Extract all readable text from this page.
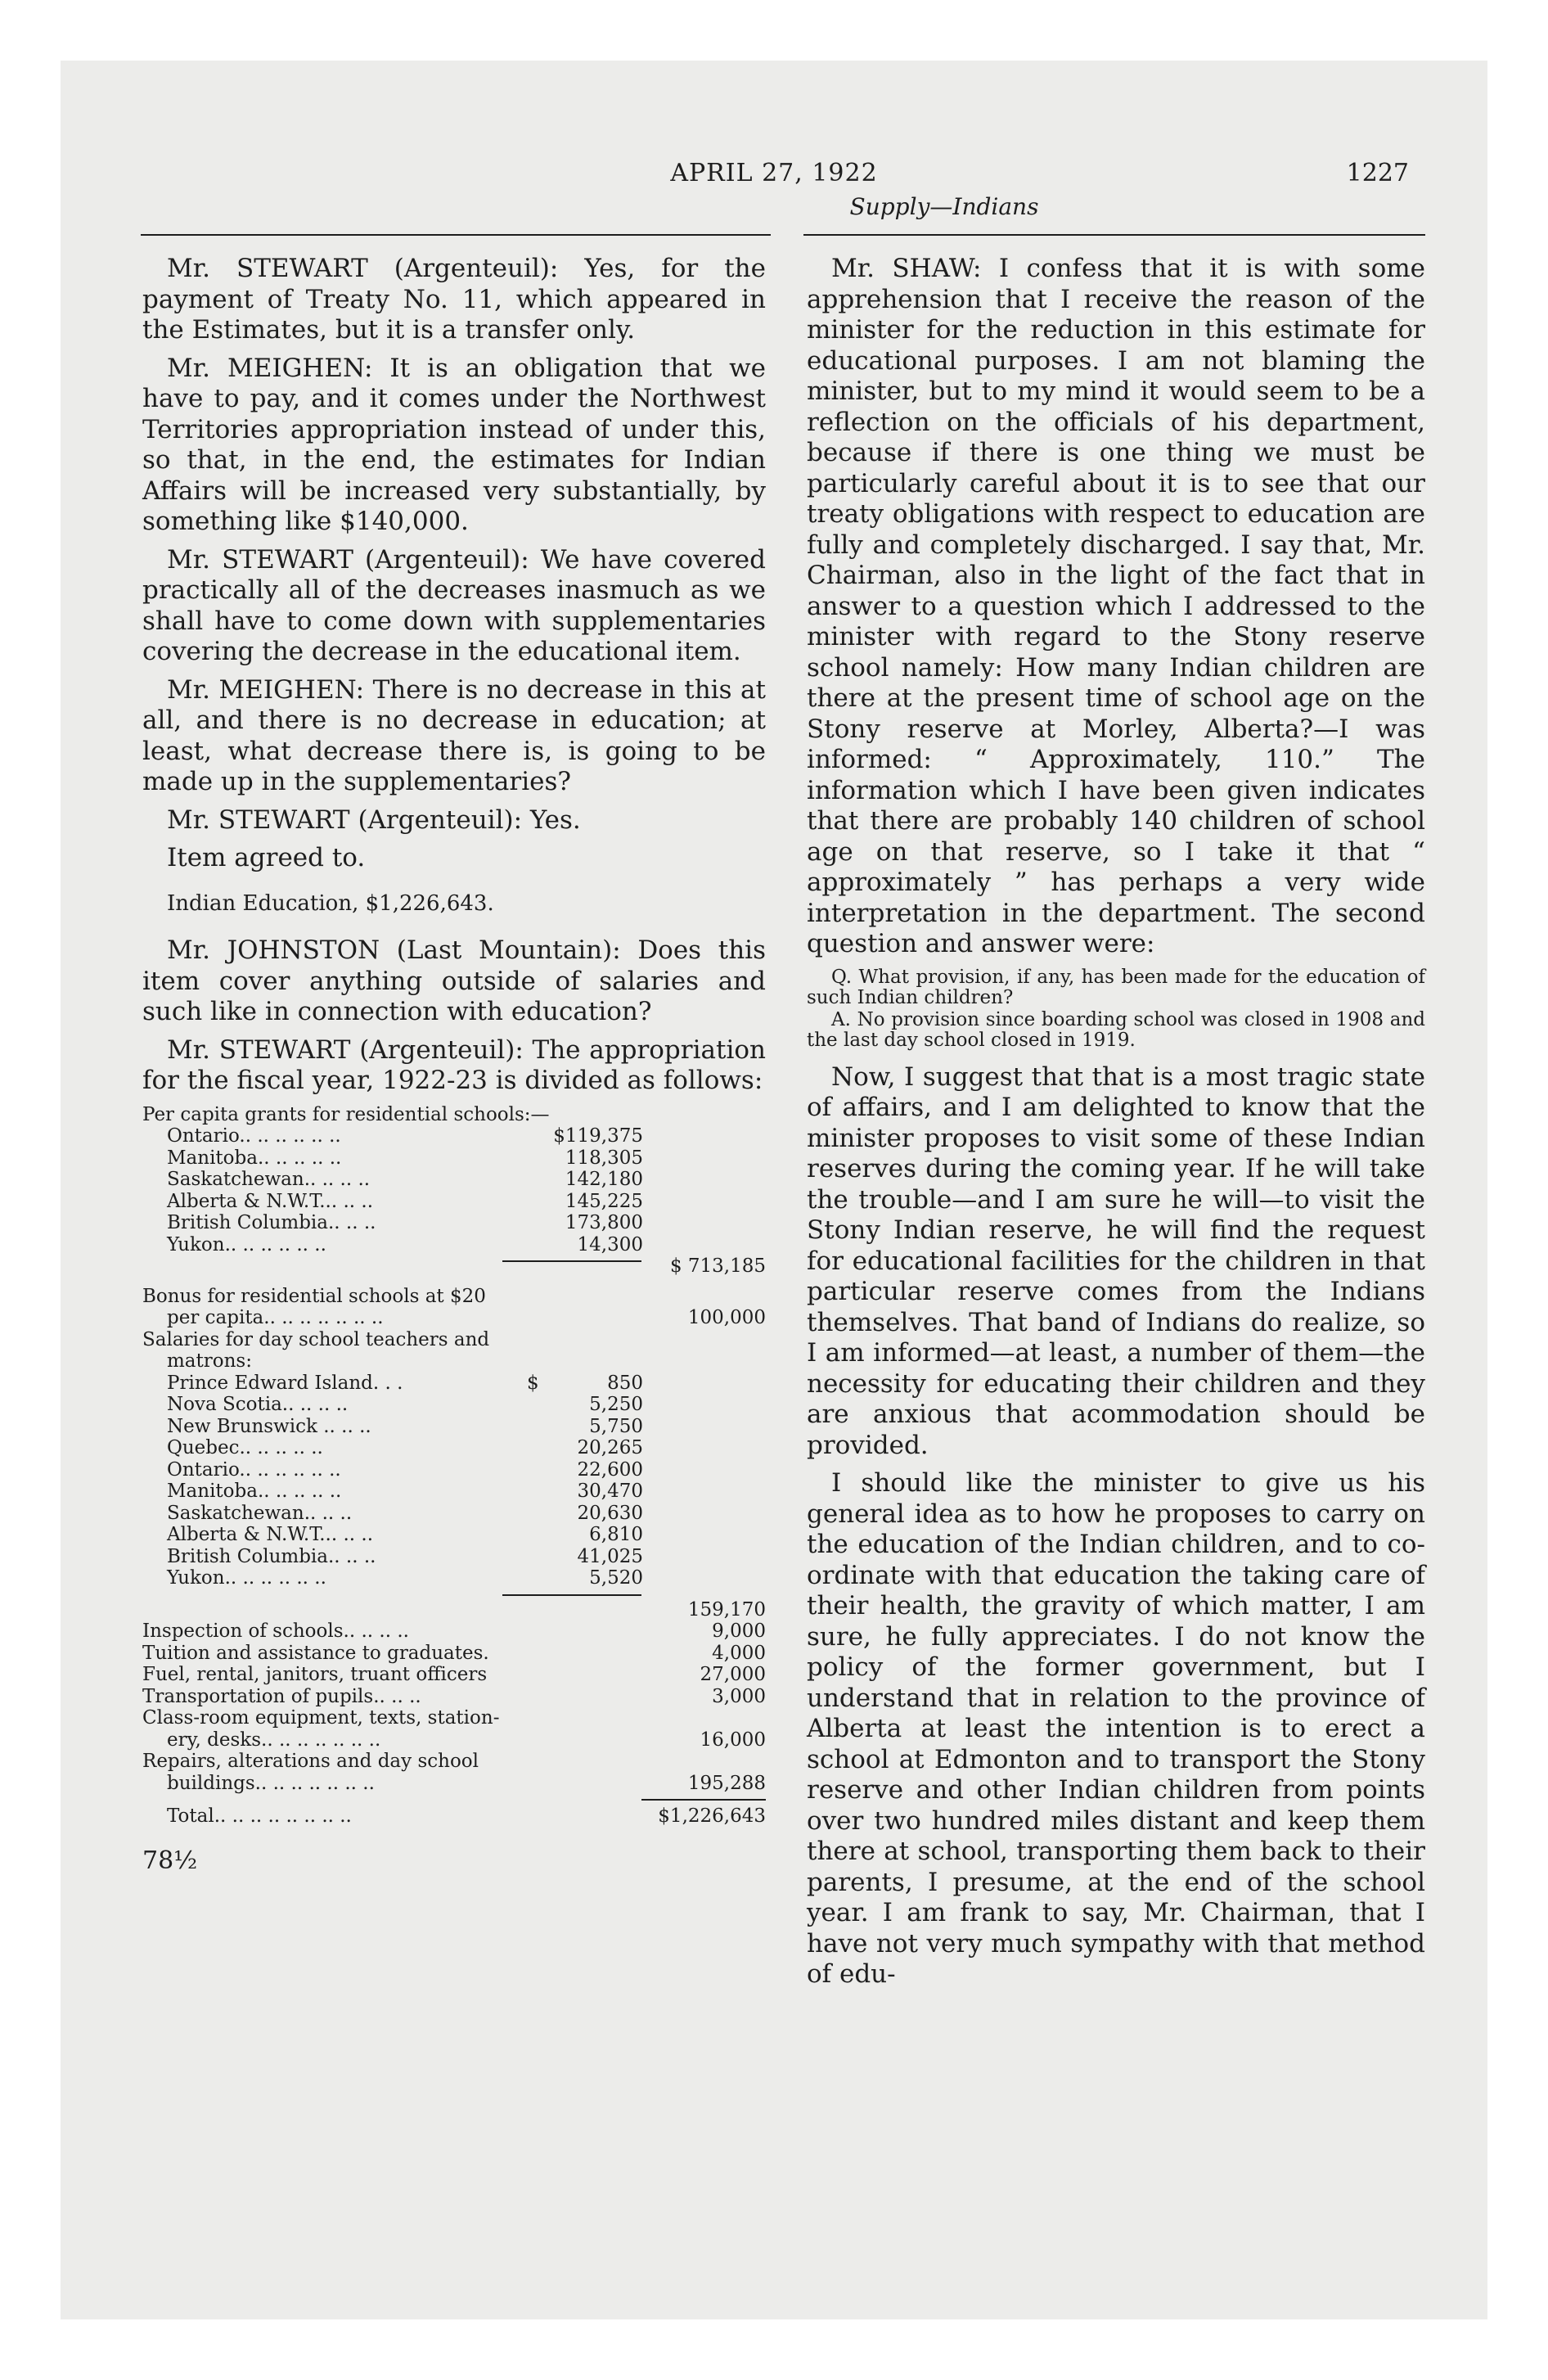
APRIL 27, 1922	1227
Supply—Indians

Mr. STEWART (Argenteuil): Yes, for the payment of Treaty No. 11, which appeared in the Estimates, but it is a transfer only.

Mr. MEIGHEN: It is an obligation that we have to pay, and it comes under the Northwest Territories appropriation instead of under this, so that, in the end, the estimates for Indian Affairs will be increased very substantially, by something like $140,000.

Mr. STEWART (Argenteuil): We have covered practically all of the decreases inasmuch as we shall have to come down with supplementaries covering the decrease in the educational item.

Mr. MEIGHEN: There is no decrease in this at all, and there is no decrease in education; at least, what decrease there is, is going to be made up in the supplementaries?

Mr. STEWART (Argenteuil): Yes.

Item agreed to.

Indian Education, $1,226,643.

Mr. JOHNSTON (Last Mountain): Does this item cover anything outside of salaries and such like in connection with education?

Mr. STEWART (Argenteuil): The appropriation for the fiscal year, 1922-23 is divided as follows:

Per capita grants for residential schools:—
Ontario.. .. .. .. .. ..	$119,375
Manitoba.. .. .. .. ..	118,305
Saskatchewan.. .. .. ..	142,180
Alberta & N.W.T... .. ..	145,225
British Columbia.. .. ..	173,800
Yukon.. .. .. .. .. ..	14,300
$ 713,185
Bonus for residential schools at $20
per capita.. .. .. .. .. .. ..	100,000
Salaries for day school teachers and
matrons:
Prince Edward Island. . .	$	850
Nova Scotia.. .. .. ..	5,250
New Brunswick .. .. ..	5,750
Quebec.. .. .. .. ..	20,265
Ontario.. .. .. .. .. ..	22,600
Manitoba.. .. .. .. ..	30,470
Saskatchewan.. .. ..	20,630
Alberta & N.W.T... .. ..	6,810
British Columbia.. .. ..	41,025
Yukon.. .. .. .. .. ..	5,520
159,170
Inspection of schools.. .. .. ..	9,000
Tuition and assistance to graduates.	4,000
Fuel, rental, janitors, truant officers	27,000
Transportation of pupils.. .. ..	3,000
Class-room equipment, texts, station-
ery, desks.. .. .. .. .. .. ..	16,000
Repairs, alterations and day school
buildings.. .. .. .. .. .. ..	195,288
Total.. .. .. .. .. .. .. ..	$1,226,643
78½

Mr. SHAW: I confess that it is with some apprehension that I receive the reason of the minister for the reduction in this estimate for educational purposes. I am not blaming the minister, but to my mind it would seem to be a reflection on the officials of his department, because if there is one thing we must be particularly careful about it is to see that our treaty obligations with respect to education are fully and completely discharged. I say that, Mr. Chairman, also in the light of the fact that in answer to a question which I addressed to the minister with regard to the Stony reserve school namely: How many Indian children are there at the present time of school age on the Stony reserve at Morley, Alberta?—I was informed: “ Approximately, 110.” The information which I have been given indicates that there are probably 140 children of school age on that reserve, so I take it that “ approximately ” has perhaps a very wide interpretation in the department. The second question and answer were:

Q. What provision, if any, has been made for the education of such Indian children?

A. No provision since boarding school was closed in 1908 and the last day school closed in 1919.

Now, I suggest that that is a most tragic state of affairs, and I am delighted to know that the minister proposes to visit some of these Indian reserves during the coming year. If he will take the trouble—and I am sure he will—to visit the Stony Indian reserve, he will find the request for educational facilities for the children in that particular reserve comes from the Indians themselves. That band of Indians do realize, so I am informed—at least, a number of them—the necessity for educating their children and they are anxious that acommodation should be provided.

I should like the minister to give us his general idea as to how he proposes to carry on the education of the Indian children, and to co-ordinate with that education the taking care of their health, the gravity of which matter, I am sure, he fully appreciates. I do not know the policy of the former government, but I understand that in relation to the province of Alberta at least the intention is to erect a school at Edmonton and to transport the Stony reserve and other Indian children from points over two hundred miles distant and keep them there at school, transporting them back to their parents, I presume, at the end of the school year. I am frank to say, Mr. Chairman, that I have not very much sympathy with that method of edu-
